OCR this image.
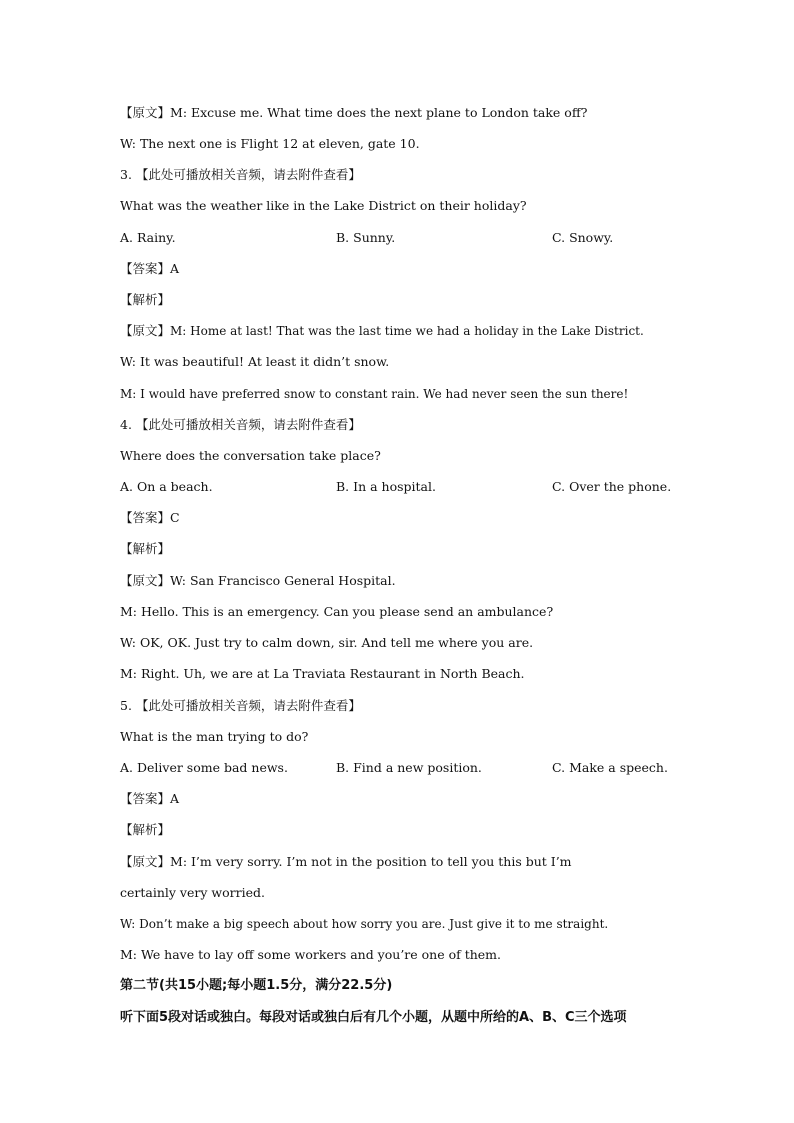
【原文】M: Excuse me. What time does the next plane to London take off?
W: The next one is Flight 12 at eleven, gate 10.
3. 【此处可播放相关音频，请去附件查看】
What was the weather like in the Lake District on their holiday?
A. Rainy.	B. Sunny.	C. Snowy.
【答案】A
【解析】
【原文】M: Home at last! That was the last time we had a holiday in the Lake District.
W: It was beautiful! At least it didn’t snow.
M: I would have preferred snow to constant rain. We had never seen the sun there!
4. 【此处可播放相关音频，请去附件查看】
Where does the conversation take place?
A. On a beach.	B. In a hospital.	C. Over the phone.
【答案】C
【解析】
【原文】W: San Francisco General Hospital.
M: Hello. This is an emergency. Can you please send an ambulance?
W: OK, OK. Just try to calm down, sir. And tell me where you are.
M: Right. Uh, we are at La Traviata Restaurant in North Beach.
5. 【此处可播放相关音频，请去附件查看】
What is the man trying to do?
A. Deliver some bad news.	B. Find a new position.	C. Make a speech.
【答案】A
【解析】
【原文】M: I’m very sorry. I’m not in the position to tell you this but I’m
certainly very worried.
W: Don’t make a big speech about how sorry you are. Just give it to me straight.
M: We have to lay off some workers and you’re one of them.
第二节(共15小题;每小题1.5分，满分22.5分)
听下面5段对话或独白。每段对话或独白后有几个小题，从题中所给的A、B、C三个选项
